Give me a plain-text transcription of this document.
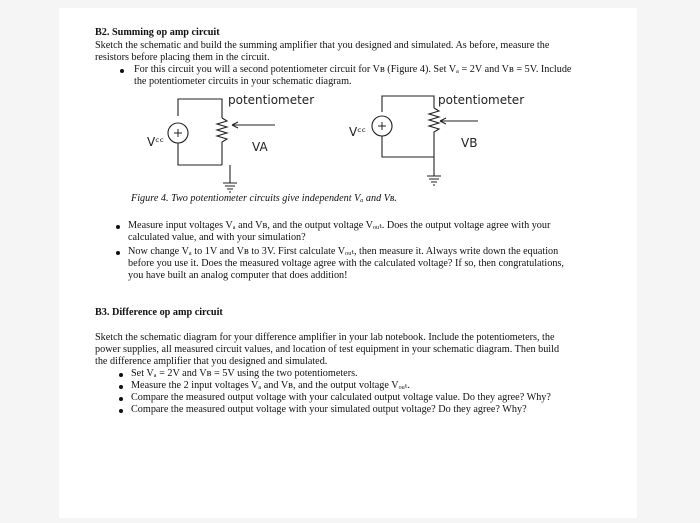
B2. Summing op amp circuit
Sketch the schematic and build the summing amplifier that you designed and simulated. As before, measure the
resistors before placing them in the circuit.
For this circuit you will a second potentiometer circuit for Vʙ (Figure 4). Set Vₐ = 2V and Vʙ = 5V. Include
the potentiometer circuits in your schematic diagram.
potentiometer	potentiometer
Vᶜᶜ
Vᶜᶜ
VA	VB
Figure 4. Two potentiometer circuits give independent Vₐ and Vʙ.
Measure input voltages Vₐ and Vʙ, and the output voltage Vₒᵤₜ. Does the output voltage agree with your
calculated value, and with your simulation?
Now change Vₐ to 1V and Vʙ to 3V. First calculate Vₒᵤₜ, then measure it. Always write down the equation
before you use it. Does the measured voltage agree with the calculated voltage? If so, then congratulations,
you have built an analog computer that does addition!
B3. Difference op amp circuit
Sketch the schematic diagram for your difference amplifier in your lab notebook. Include the potentiometers, the
power supplies, all measured circuit values, and location of test equipment in your schematic diagram. Then build
the difference amplifier that you designed and simulated.
Set Vₐ = 2V and Vʙ = 5V using the two potentiometers.
Measure the 2 input voltages Vₐ and Vʙ, and the output voltage Vₒᵤₜ.
Compare the measured output voltage with your calculated output voltage value. Do they agree? Why?
Compare the measured output voltage with your simulated output voltage? Do they agree? Why?
